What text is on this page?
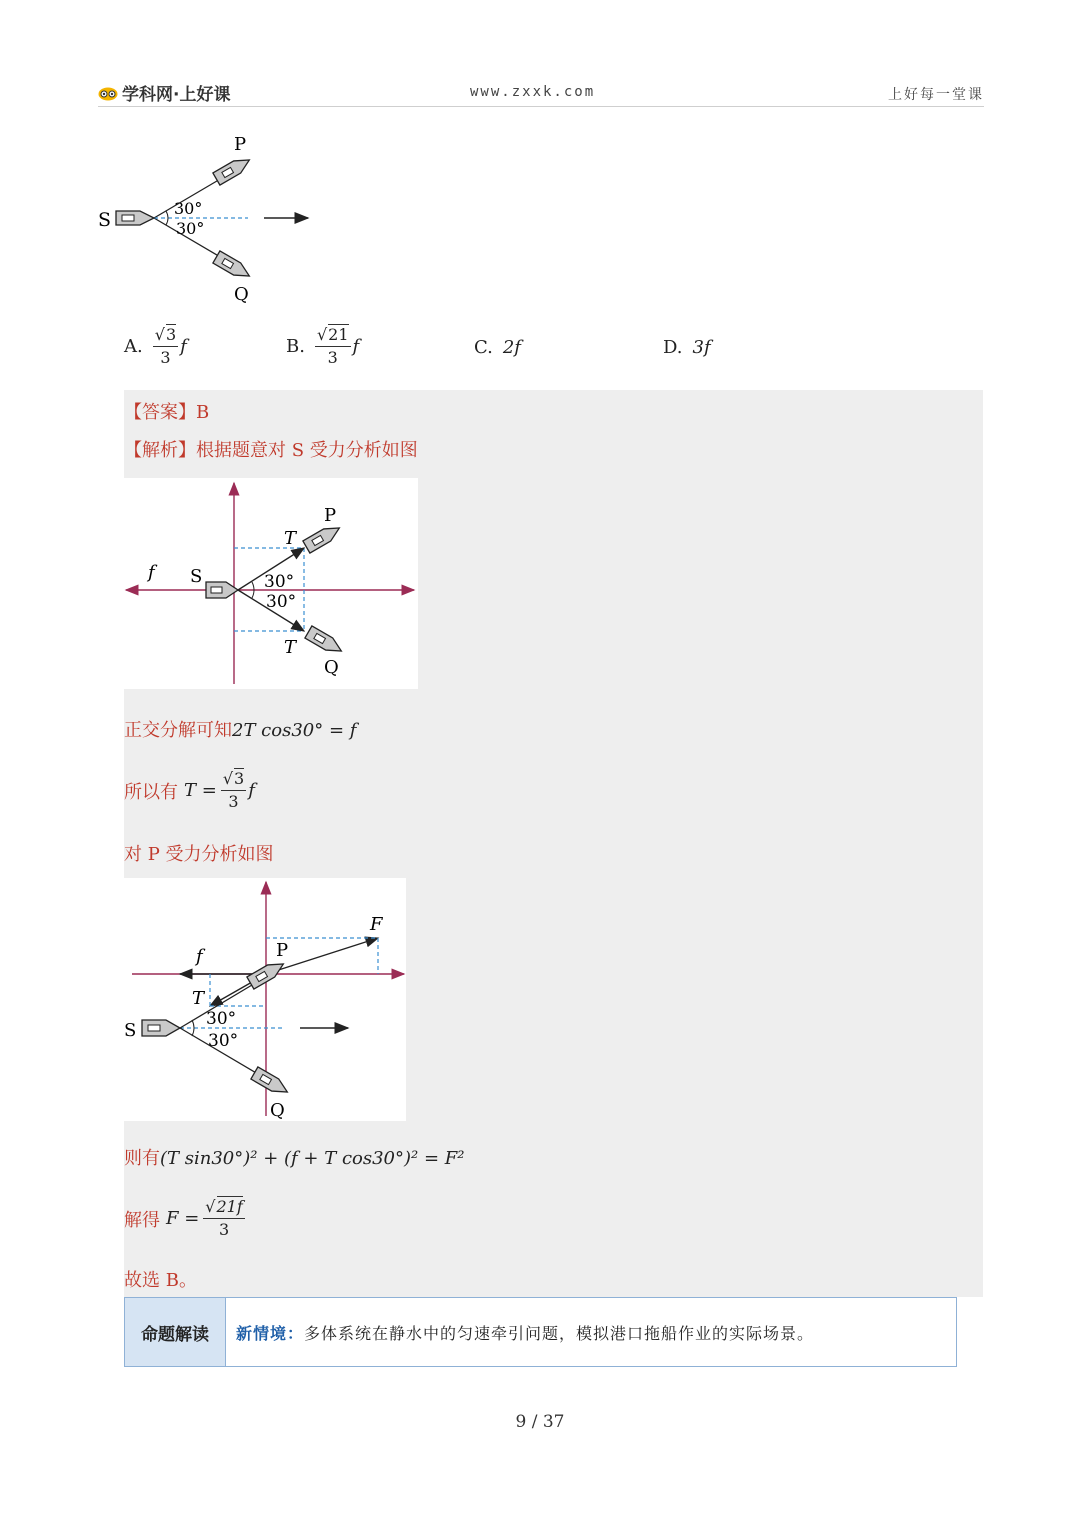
学科网·上好课	www.zxxk.com	上好每一堂课
S
P
Q
30°
30°
A. $\frac{√3}{3}$ f	B. $\frac{√21}{3}$ f	C. 2f	D. 3f
【答案】B
【解析】根据题意对 S 受力分析如图
f S
T
T
P
Q
30°
30°
正交分解可知2T cos30° = f
所以有 $T = \frac{√3}{3}$ f
对 P 受力分析如图
F
f	P
T
S
Q
30°
30°
则有(T sin30°)² + (f + T cos30°)² = F²
解得 $F = \frac{√21f}{3}$
故选 B。
命题解读	新情境： 多体系统在静水中的匀速牵引问题，模拟港口拖船作业的实际场景。
9 / 37
